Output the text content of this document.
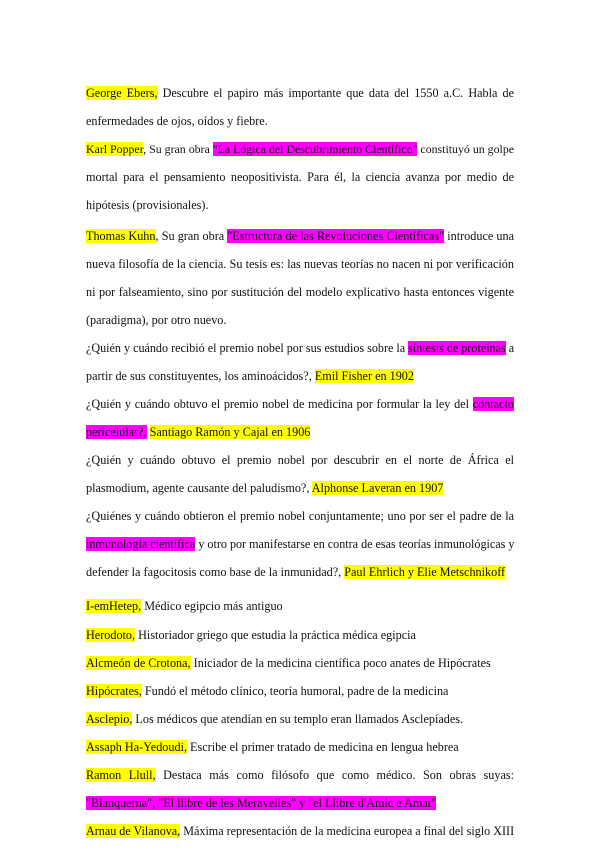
George Ebers, Descubre el papiro más importante que data del 1550 a.C. Habla de
enfermedades de ojos, oídos y fiebre.
Karl Popper, Su gran obra "La Lógica del Descubrimiento Científico" constituyó un golpe
mortal para el pensamiento neopositivista. Para él, la ciencia avanza por medio de
hipótesis (provisionales).
Thomas Kuhn, Su gran obra "Estructura de las Revoluciones Científicas" introduce una
nueva filosofía de la ciencia. Su tesis es: las nuevas teorías no nacen ni por verificación
ni por falseamiento, sino por sustitución del modelo explicativo hasta entonces vigente
(paradigma), por otro nuevo.
¿Quién y cuándo recibió el premio nobel por sus estudios sobre la síntesis de proteínas a
partir de sus constituyentes, los aminoácidos?, Emil Fisher en 1902
¿Quién y cuándo obtuvo el premio nobel de medicina por formular la ley del contacto
pericelular?, Santiago Ramón y Cajal en 1906
¿Quién y cuándo obtuvo el premio nobel por descubrir en el norte de África el
plasmodium, agente causante del paludismo?, Alphonse Laveran en 1907
¿Quiénes y cuándo obtieron el premio nobel conjuntamente; uno por ser el padre de la
inmunología científica y otro por manifestarse en contra de esas teorías inmunológicas y
defender la fagocitosis como base de la inmunidad?, Paul Ehrlich y Elie Metschnikoff
I-emHetep, Médico egipcio más antiguo
Herodoto, Historiador griego que estudia la práctica médica egipcia
Alcmeón de Crotona, Iniciador de la medicina científica poco anates de Hipócrates
Hipócrates, Fundó el método clínico, teoría humoral, padre de la medicina
Asclepio, Los médicos que atendían en su templo eran llamados Asclepíades.
Assaph Ha-Yedoudi, Escribe el primer tratado de medicina en lengua hebrea
Ramon Llull, Destaca más como filósofo que como médico. Son obras suyas:
"Blanquerna", "El llibre de les Meravelles" y "el Llibre d'Amic e Amat"
Arnau de Vilanova, Máxima representación de la medicina europea a final del siglo XIII
